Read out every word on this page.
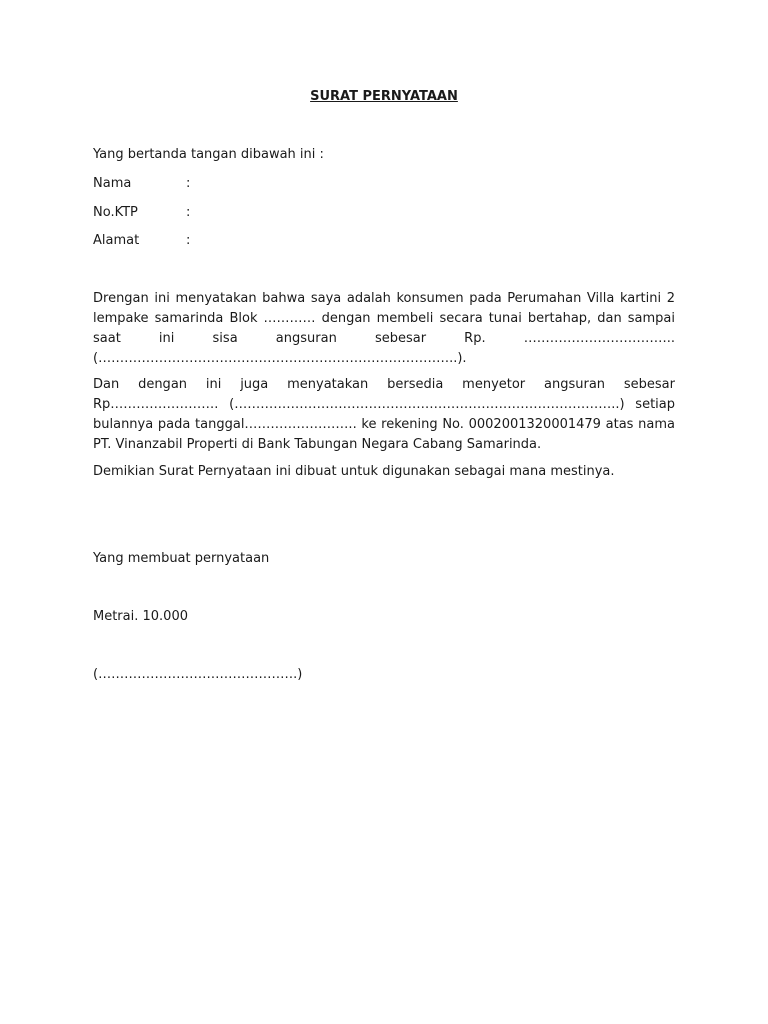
SURAT PERNYATAAN
Yang bertanda tangan dibawah ini :
Nama	:
No.KTP	:
Alamat	:
Drengan ini menyatakan bahwa saya adalah konsumen pada Perumahan Villa kartini 2 lempake samarinda Blok ………… dengan membeli secara tunai bertahap, dan sampai saat ini sisa angsuran sebesar Rp. …………………………….. (………………………………………………………………………..).
Dan dengan ini juga menyatakan bersedia menyetor angsuran sebesar Rp……………………. (……………………………………………………………………………..) setiap bulannya pada tanggal…………………….. ke rekening No. 0002001320001479 atas nama PT. Vinanzabil Properti di Bank Tabungan Negara Cabang Samarinda.
Demikian Surat Pernyataan ini dibuat untuk digunakan sebagai mana mestinya.
Yang membuat pernyataan
Metrai. 10.000
(……………………………………….)
